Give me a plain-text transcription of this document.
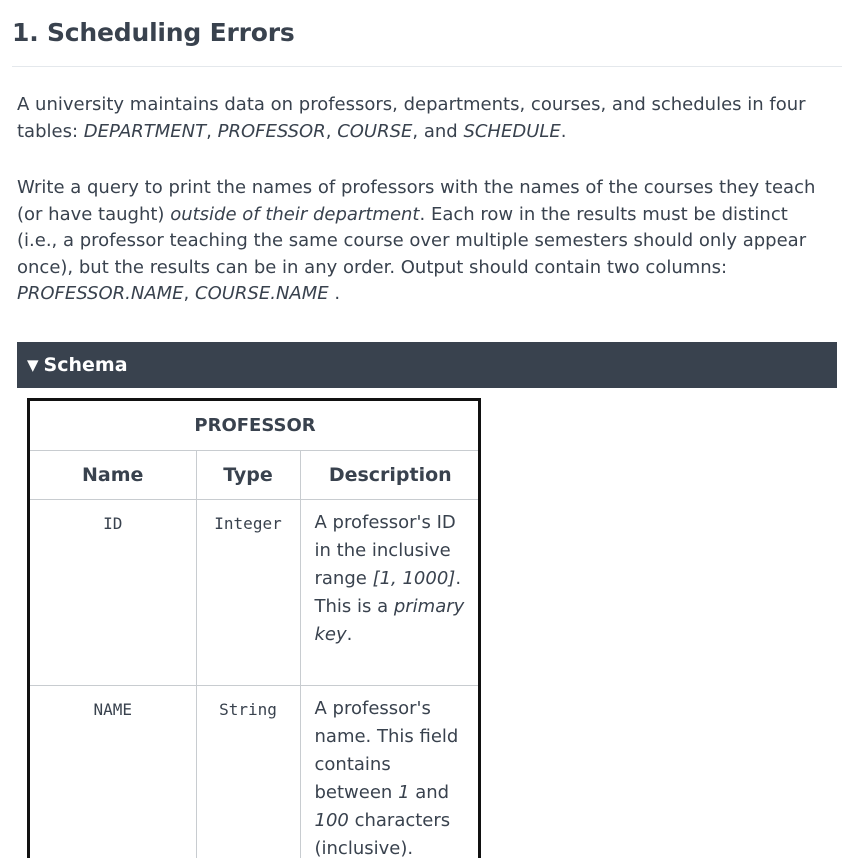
1. Scheduling Errors

A university maintains data on professors, departments, courses, and schedules in four tables: DEPARTMENT, PROFESSOR, COURSE, and SCHEDULE.

Write a query to print the names of professors with the names of the courses they teach (or have taught) outside of their department. Each row in the results must be distinct (i.e., a professor teaching the same course over multiple semesters should only appear once), but the results can be in any order. Output should contain two columns: PROFESSOR.NAME, COURSE.NAME .

▼ Schema
PROFESSOR		
Name	Type	Description
ID	Integer	A professor's ID in the inclusive range [1, 1000]. This is a primary key.
NAME	String	A professor's name. This field contains between 1 and 100 characters (inclusive).
